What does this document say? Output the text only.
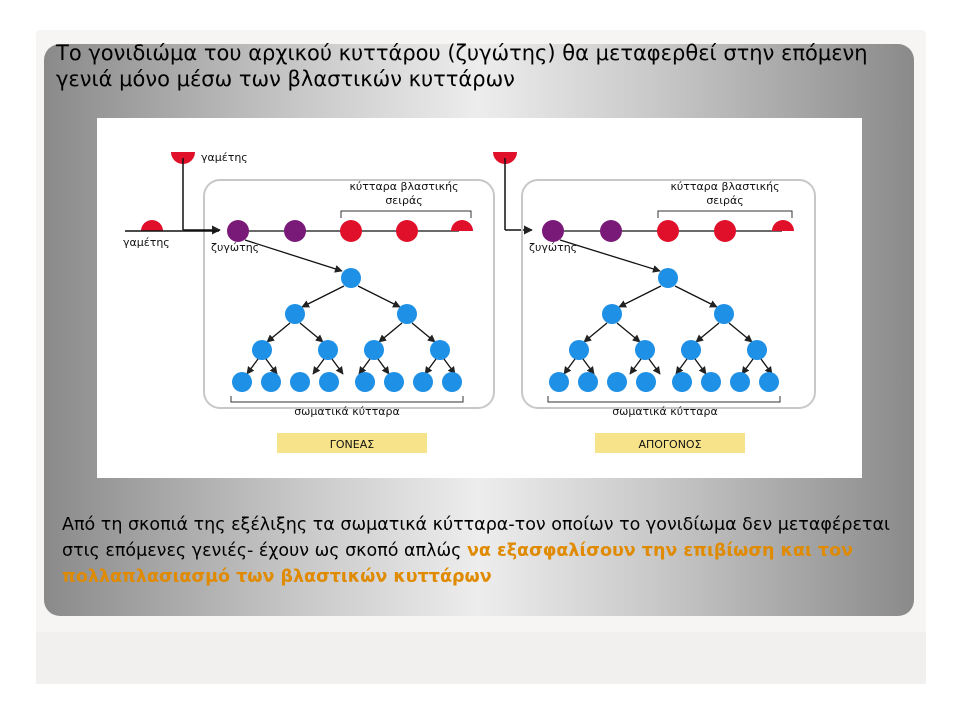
Το γονιδιώμα του αρχικού κυττάρου (ζυγώτης) θα μεταφερθεί στην επόμενη γενιά μόνο μέσω των βλαστικών κυττάρων
γαμέτης
γαμέτης	ζυγώτης
κύτταρα βλαστικής
σειράς
σωματικά κύτταρα
ΓΟΝΕΑΣ
ζυγώτης
κύτταρα βλαστικής
σειράς
σωματικά κύτταρα
ΑΠΟΓΟΝΟΣ

Από τη σκοπιά της εξέλιξης τα σωματικά κύτταρα-τον οποίων το γονιδίωμα δεν μεταφέρεται στις επόμενες γενιές- έχουν ως σκοπό απλώς να εξασφαλίσουν την επιβίωση και τον πολλαπλασιασμό των βλαστικών κυττάρων
